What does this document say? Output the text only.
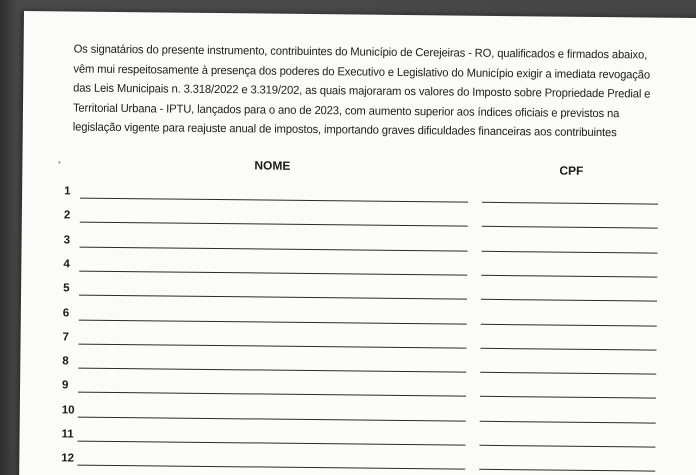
Os signatários do presente instrumento, contribuintes do Município de Cerejeiras - RO, qualificados e firmados abaixo,
vêm mui respeitosamente à presença dos poderes do Executivo e Legislativo do Município exigir a imediata revogação
das Leis Municipais n. 3.318/2022 e 3.319/202, as quais majoraram os valores do Imposto sobre Propriedade Predial e
Territorial Urbana - IPTU, lançados para o ano de 2023, com aumento superior aos índices oficiais e previstos na
legislação vigente para reajuste anual de impostos, importando graves dificuldades financeiras aos contribuintes

NOME	CPF
1
2
3
4
5
6
7
8
9
10
11
12
